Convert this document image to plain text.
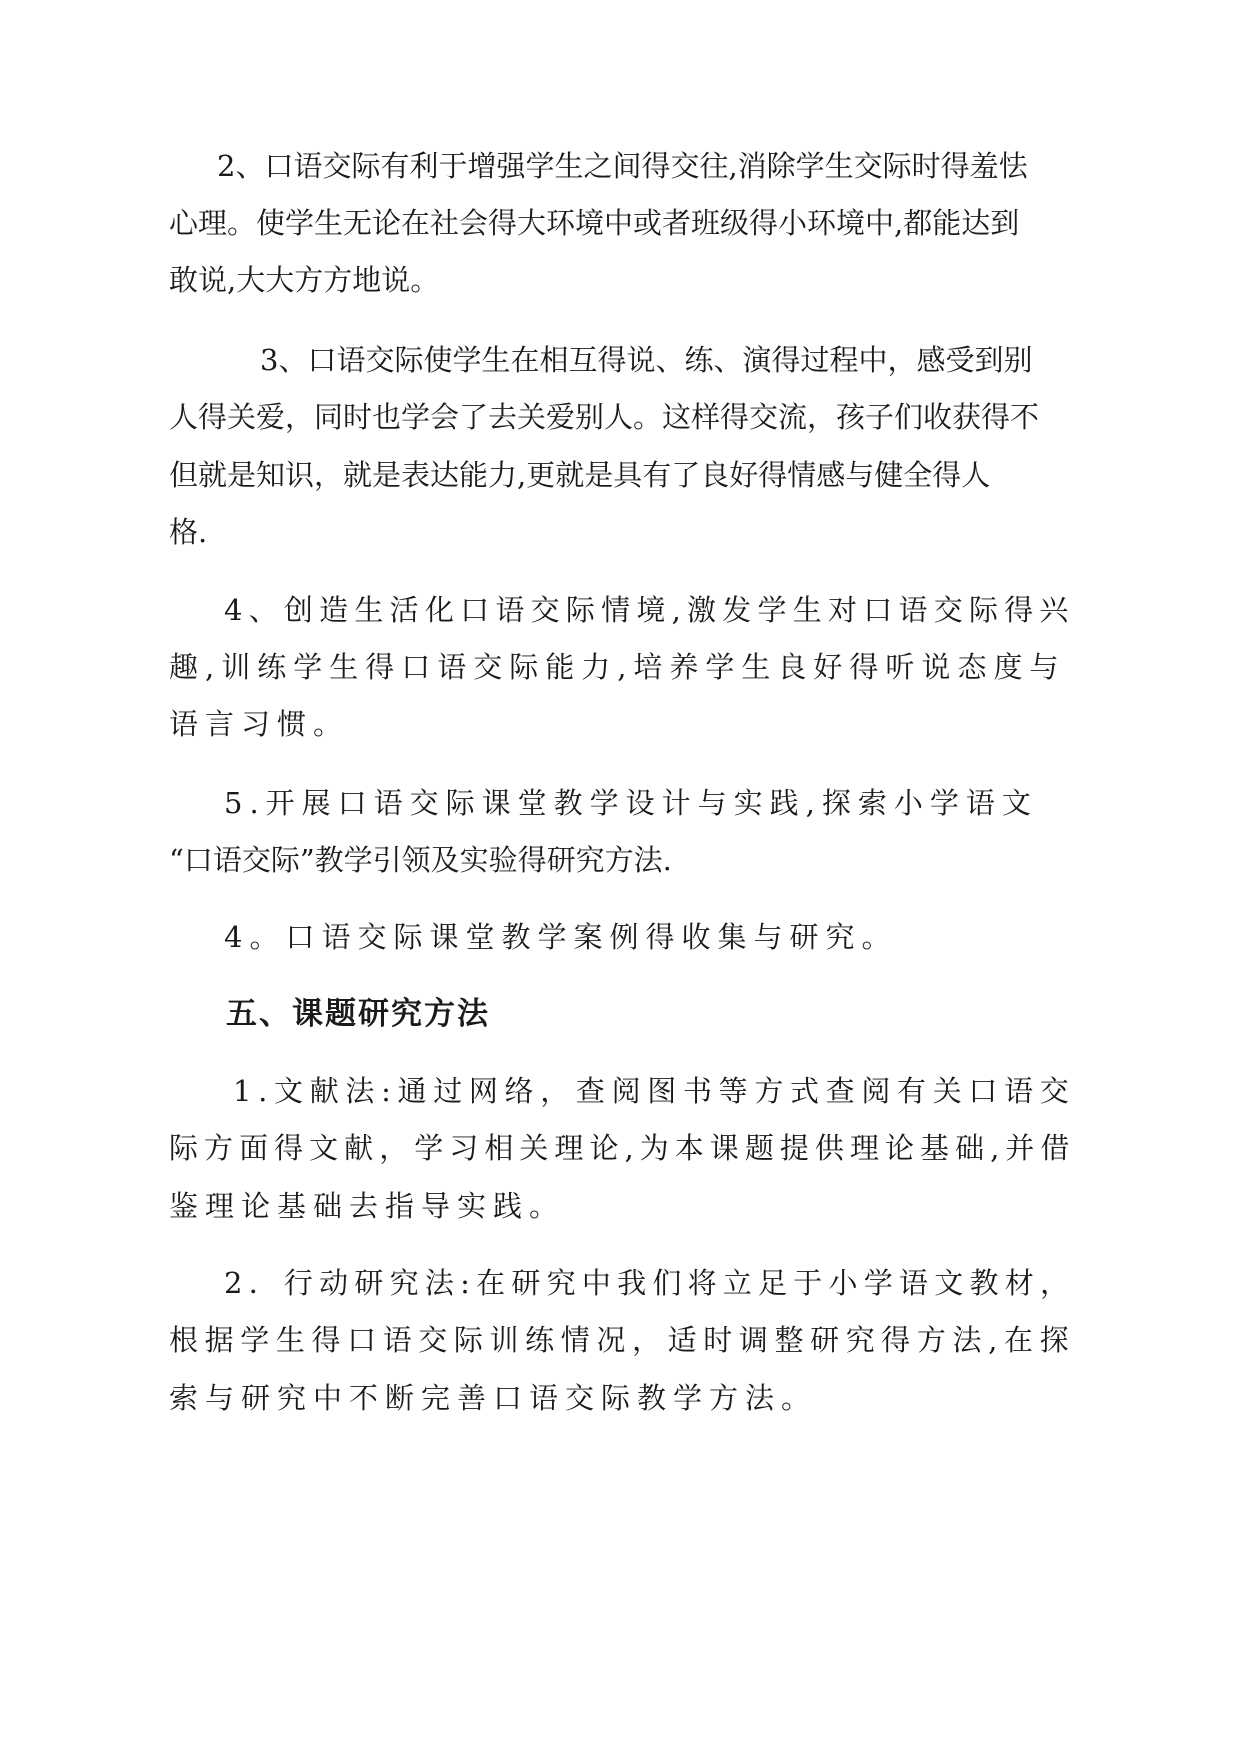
2、口语交际有利于增强学生之间得交往,消除学生交际时得羞怯
心理。使学生无论在社会得大环境中或者班级得小环境中,都能达到
敢说,大大方方地说。
3、口语交际使学生在相互得说、练、演得过程中，感受到别
人得关爱，同时也学会了去关爱别人。这样得交流，孩子们收获得不
但就是知识，就是表达能力,更就是具有了良好得情感与健全得人
格.
4、创造生活化口语交际情境,激发学生对口语交际得兴
趣,训练学生得口语交际能力,培养学生良好得听说态度与
语言习惯。
5.开展口语交际课堂教学设计与实践,探索小学语文
“口语交际”教学引领及实验得研究方法.
4。口语交际课堂教学案例得收集与研究。
五、课题研究方法
1.文献法:通过网络，查阅图书等方式查阅有关口语交
际方面得文献，学习相关理论,为本课题提供理论基础,并借
鉴理论基础去指导实践。
2．行动研究法:在研究中我们将立足于小学语文教材，
根据学生得口语交际训练情况，适时调整研究得方法,在探
索与研究中不断完善口语交际教学方法。
